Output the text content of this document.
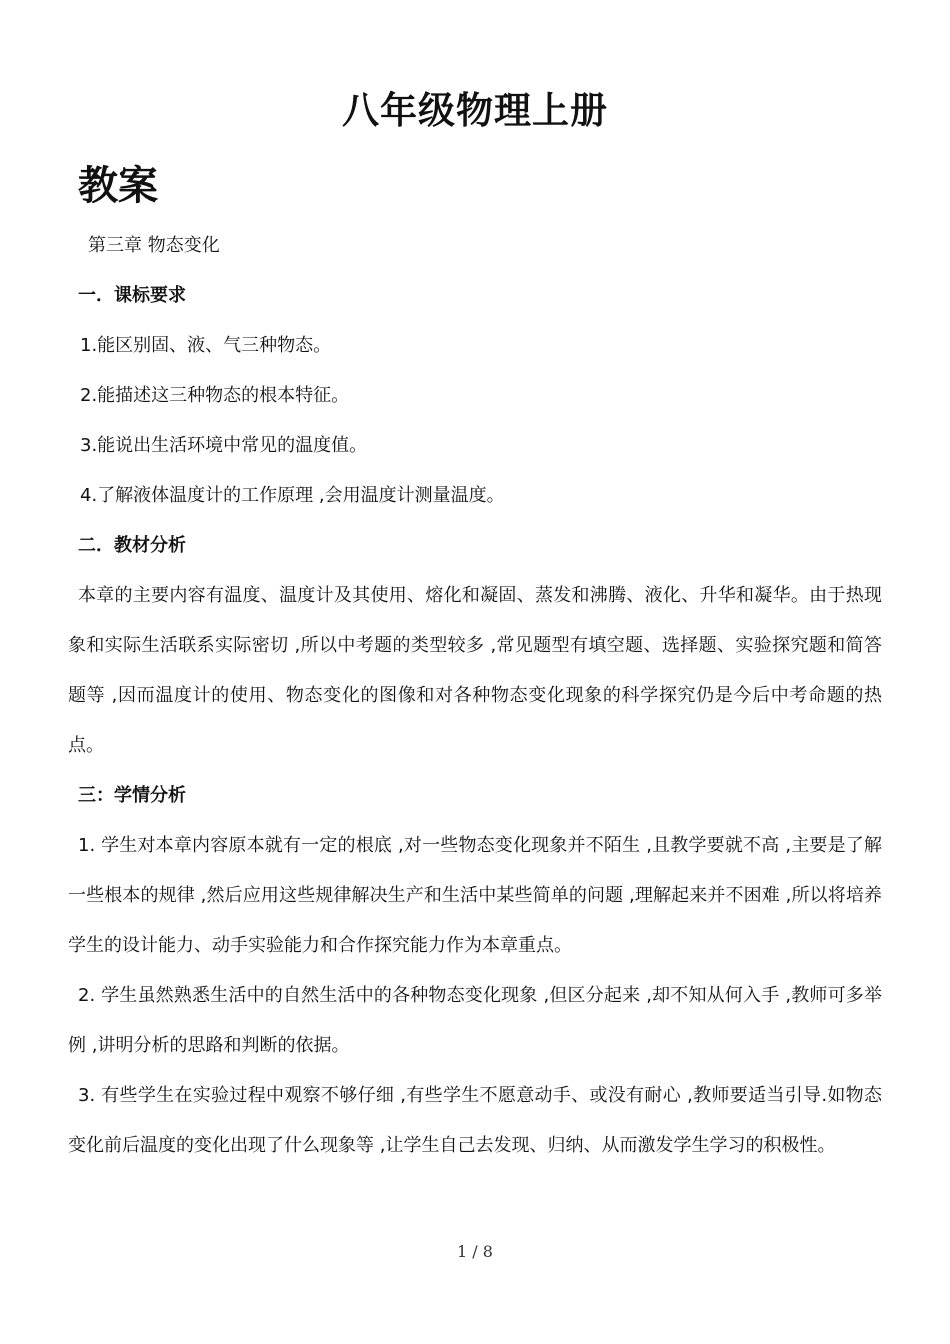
八年级物理上册
教案
第三章 物态变化
一．课标要求
1.能区别固、液、气三种物态。
2.能描述这三种物态的根本特征。
3.能说出生活环境中常见的温度值。
4.了解液体温度计的工作原理 ,会用温度计测量温度。
二．教材分析
本章的主要内容有温度、温度计及其使用、熔化和凝固、蒸发和沸腾、液化、升华和凝华。由于热现象和实际生活联系实际密切 ,所以中考题的类型较多 ,常见题型有填空题、选择题、实验探究题和简答题等 ,因而温度计的使用、物态变化的图像和对各种物态变化现象的科学探究仍是今后中考命题的热点。
三：学情分析
1. 学生对本章内容原本就有一定的根底 ,对一些物态变化现象并不陌生 ,且教学要就不高 ,主要是了解一些根本的规律 ,然后应用这些规律解决生产和生活中某些简单的问题 ,理解起来并不困难 ,所以将培养学生的设计能力、动手实验能力和合作探究能力作为本章重点。
2. 学生虽然熟悉生活中的自然生活中的各种物态变化现象 ,但区分起来 ,却不知从何入手 ,教师可多举例 ,讲明分析的思路和判断的依据。
3. 有些学生在实验过程中观察不够仔细 ,有些学生不愿意动手、或没有耐心 ,教师要适当引导.如物态变化前后温度的变化出现了什么现象等 ,让学生自己去发现、归纳、从而激发学生学习的积极性。
1 / 8
